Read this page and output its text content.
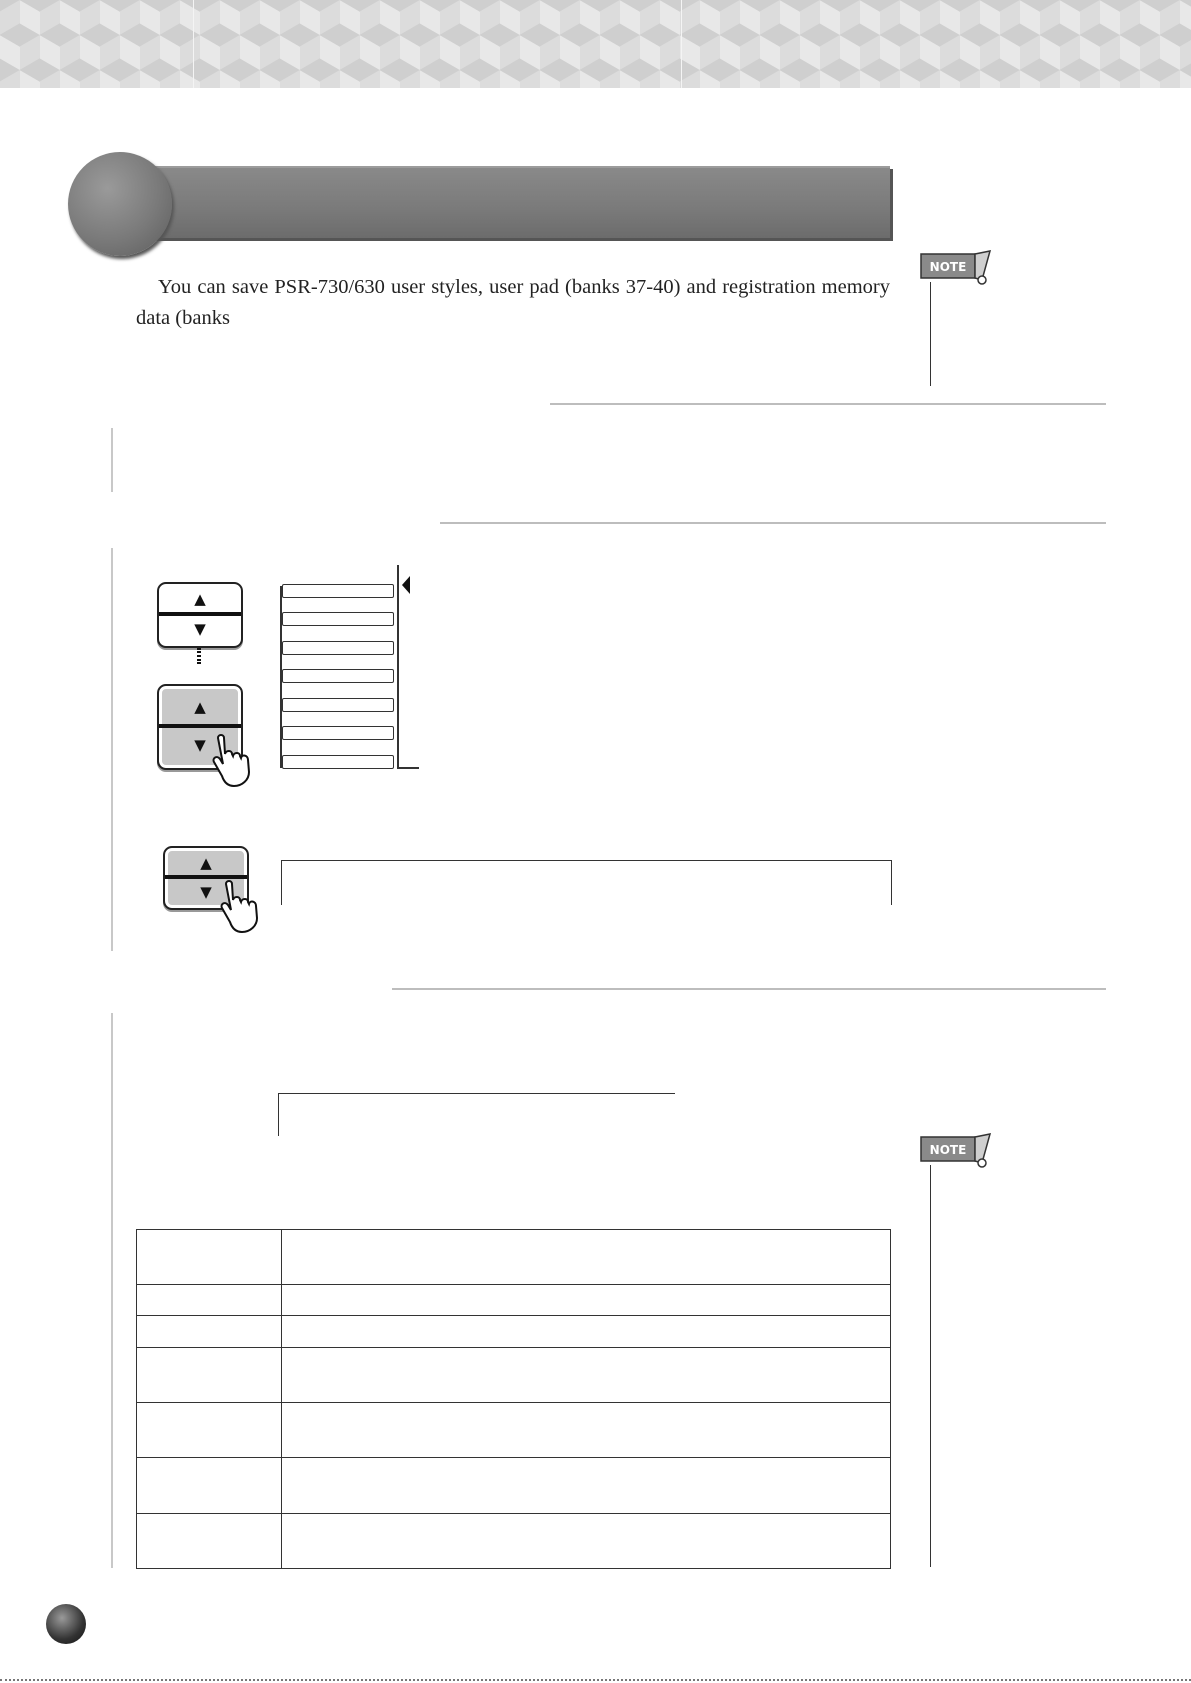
You can save PSR-730/630 user styles, user pad (banks 37-40) and registration memory data (banks

NOTE
▲
▼
▲
▼
▲
▼
NOTE
